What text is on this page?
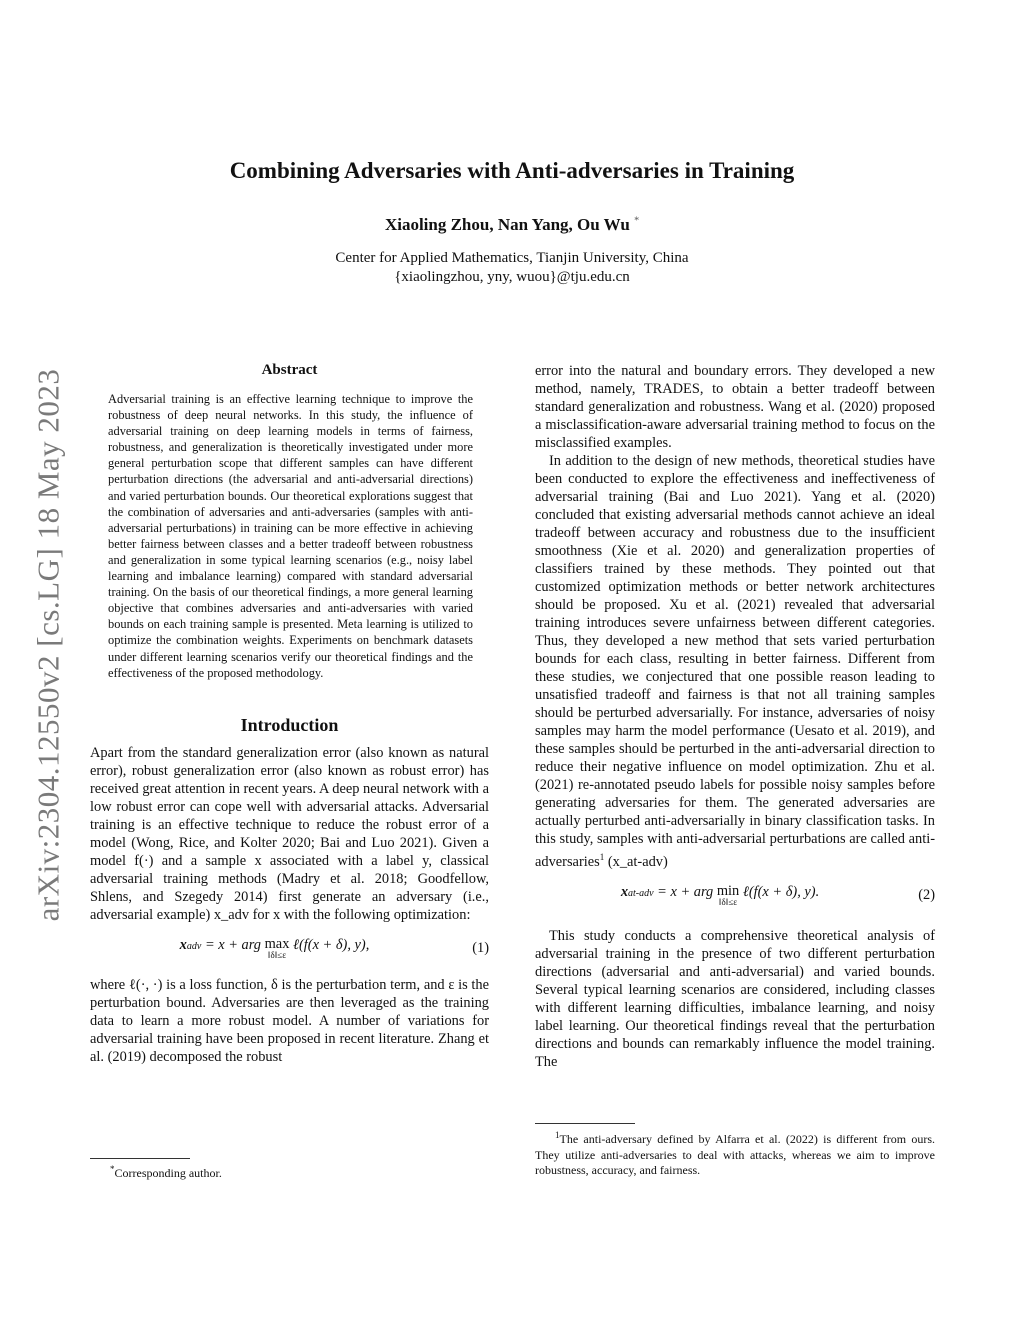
arXiv:2304.12550v2 [cs.LG] 18 May 2023
Combining Adversaries with Anti-adversaries in Training
Xiaoling Zhou, Nan Yang, Ou Wu *
Center for Applied Mathematics, Tianjin University, China
{xiaolingzhou, yny, wuou}@tju.edu.cn
Abstract

Adversarial training is an effective learning technique to improve the robustness of deep neural networks. In this study, the influence of adversarial training on deep learning models in terms of fairness, robustness, and generalization is theoretically investigated under more general perturbation scope that different samples can have different perturbation directions (the adversarial and anti-adversarial directions) and varied perturbation bounds. Our theoretical explorations suggest that the combination of adversaries and anti-adversaries (samples with anti-adversarial perturbations) in training can be more effective in achieving better fairness between classes and a better tradeoff between robustness and generalization in some typical learning scenarios (e.g., noisy label learning and imbalance learning) compared with standard adversarial training. On the basis of our theoretical findings, a more general learning objective that combines adversaries and anti-adversaries with varied bounds on each training sample is presented. Meta learning is utilized to optimize the combination weights. Experiments on benchmark datasets under different learning scenarios verify our theoretical findings and the effectiveness of the proposed methodology.

Introduction

Apart from the standard generalization error (also known as natural error), robust generalization error (also known as robust error) has received great attention in recent years. A deep neural network with a low robust error can cope well with adversarial attacks. Adversarial training is an effective technique to reduce the robust error of a model (Wong, Rice, and Kolter 2020; Bai and Luo 2021). Given a model f(·) and a sample x associated with a label y, classical adversarial training methods (Madry et al. 2018; Goodfellow, Shlens, and Szegedy 2014) first generate an adversary (i.e., adversarial example) x_adv for x with the following optimization:

xadv = x + arg max
‖δ‖≤ε
ℓ(f(x + δ), y),	(1)

where ℓ(·, ·) is a loss function, δ is the perturbation term, and ε is the perturbation bound. Adversaries are then leveraged as the training data to learn a more robust model. A number of variations for adversarial training have been proposed in recent literature. Zhang et al. (2019) decomposed the robust

error into the natural and boundary errors. They developed a new method, namely, TRADES, to obtain a better tradeoff between standard generalization and robustness. Wang et al. (2020) proposed a misclassification-aware adversarial training method to focus on the misclassified examples.

In addition to the design of new methods, theoretical studies have been conducted to explore the effectiveness and ineffectiveness of adversarial training (Bai and Luo 2021). Yang et al. (2020) concluded that existing adversarial methods cannot achieve an ideal tradeoff between accuracy and robustness due to the insufficient smoothness (Xie et al. 2020) and generalization properties of classifiers trained by these methods. They pointed out that customized optimization methods or better network architectures should be proposed. Xu et al. (2021) revealed that adversarial training introduces severe unfairness between different categories. Thus, they developed a new method that sets varied perturbation bounds for each class, resulting in better fairness. Different from these studies, we conjectured that one possible reason leading to unsatisfied tradeoff and fairness is that not all training samples should be perturbed adversarially. For instance, adversaries of noisy samples may harm the model performance (Uesato et al. 2019), and these samples should be perturbed in the anti-adversarial direction to reduce their negative influence on model optimization. Zhu et al. (2021) re-annotated pseudo labels for possible noisy samples before generating adversaries for them. The generated adversaries are actually perturbed anti-adversarially in binary classification tasks. In this study, samples with anti-adversarial perturbations are called anti-adversaries$^1$ (x_at-adv)

xat-adv = x + arg min
‖δ‖≤ε
ℓ(f(x + δ), y).	(2)

This study conducts a comprehensive theoretical analysis of adversarial training in the presence of two different perturbation directions (adversarial and anti-adversarial) and varied bounds. Several typical learning scenarios are considered, including classes with different learning difficulties, imbalance learning, and noisy label learning. Our theoretical findings reveal that the perturbation directions and bounds can remarkably influence the model training. The

*Corresponding author.
$^1$The anti-adversary defined by Alfarra et al. (2022) is different from ours. They utilize anti-adversaries to deal with attacks, whereas we aim to improve robustness, accuracy, and fairness.
